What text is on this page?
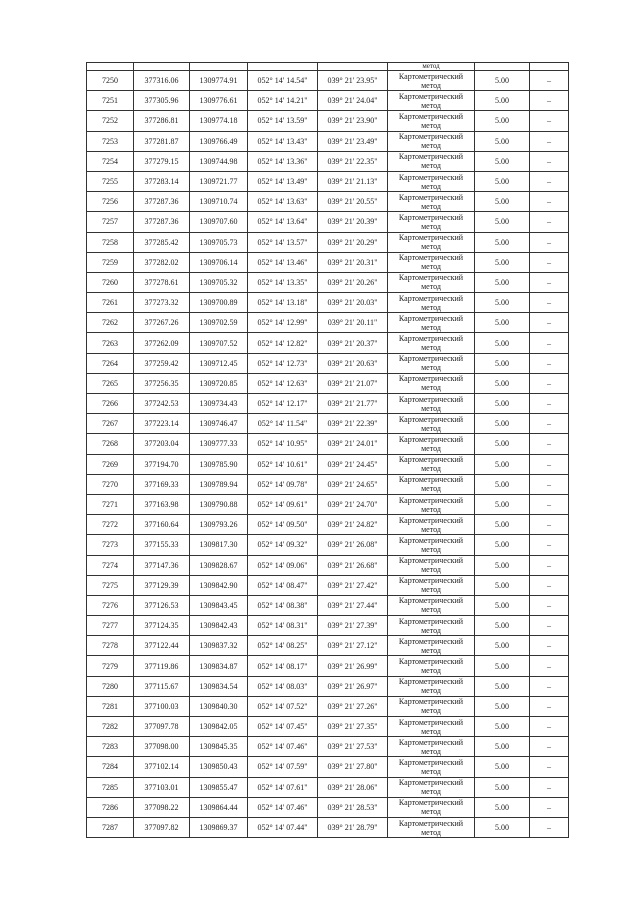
					метод		

7250	377316.06	1309774.91	052° 14' 14.54"	039° 21' 23.95"	Картометрический метод	5.00	–
7251	377305.96	1309776.61	052° 14' 14.21"	039° 21' 24.04"	Картометрический метод	5.00	–
7252	377286.81	1309774.18	052° 14' 13.59"	039° 21' 23.90"	Картометрический метод	5.00	–
7253	377281.87	1309766.49	052° 14' 13.43"	039° 21' 23.49"	Картометрический метод	5.00	–
7254	377279.15	1309744.98	052° 14' 13.36"	039° 21' 22.35"	Картометрический метод	5.00	–
7255	377283.14	1309721.77	052° 14' 13.49"	039° 21' 21.13"	Картометрический метод	5.00	–
7256	377287.36	1309710.74	052° 14' 13.63"	039° 21' 20.55"	Картометрический метод	5.00	–
7257	377287.36	1309707.60	052° 14' 13.64"	039° 21' 20.39"	Картометрический метод	5.00	–
7258	377285.42	1309705.73	052° 14' 13.57"	039° 21' 20.29"	Картометрический метод	5.00	–
7259	377282.02	1309706.14	052° 14' 13.46"	039° 21' 20.31"	Картометрический метод	5.00	–
7260	377278.61	1309705.32	052° 14' 13.35"	039° 21' 20.26"	Картометрический метод	5.00	–
7261	377273.32	1309700.89	052° 14' 13.18"	039° 21' 20.03"	Картометрический метод	5.00	–
7262	377267.26	1309702.59	052° 14' 12.99"	039° 21' 20.11"	Картометрический метод	5.00	–
7263	377262.09	1309707.52	052° 14' 12.82"	039° 21' 20.37"	Картометрический метод	5.00	–
7264	377259.42	1309712.45	052° 14' 12.73"	039° 21' 20.63"	Картометрический метод	5.00	–
7265	377256.35	1309720.85	052° 14' 12.63"	039° 21' 21.07"	Картометрический метод	5.00	–
7266	377242.53	1309734.43	052° 14' 12.17"	039° 21' 21.77"	Картометрический метод	5.00	–
7267	377223.14	1309746.47	052° 14' 11.54"	039° 21' 22.39"	Картометрический метод	5.00	–
7268	377203.04	1309777.33	052° 14' 10.95"	039° 21' 24.01"	Картометрический метод	5.00	–
7269	377194.70	1309785.90	052° 14' 10.61"	039° 21' 24.45"	Картометрический метод	5.00	–
7270	377169.33	1309789.94	052° 14' 09.78"	039° 21' 24.65"	Картометрический метод	5.00	–
7271	377163.98	1309790.88	052° 14' 09.61"	039° 21' 24.70"	Картометрический метод	5.00	–
7272	377160.64	1309793.26	052° 14' 09.50"	039° 21' 24.82"	Картометрический метод	5.00	–
7273	377155.33	1309817.30	052° 14' 09.32"	039° 21' 26.08"	Картометрический метод	5.00	–
7274	377147.36	1309828.67	052° 14' 09.06"	039° 21' 26.68"	Картометрический метод	5.00	–
7275	377129.39	1309842.90	052° 14' 08.47"	039° 21' 27.42"	Картометрический метод	5.00	–
7276	377126.53	1309843.45	052° 14' 08.38"	039° 21' 27.44"	Картометрический метод	5.00	–
7277	377124.35	1309842.43	052° 14' 08.31"	039° 21' 27.39"	Картометрический метод	5.00	–
7278	377122.44	1309837.32	052° 14' 08.25"	039° 21' 27.12"	Картометрический метод	5.00	–
7279	377119.86	1309834.87	052° 14' 08.17"	039° 21' 26.99"	Картометрический метод	5.00	–
7280	377115.67	1309834.54	052° 14' 08.03"	039° 21' 26.97"	Картометрический метод	5.00	–
7281	377100.03	1309840.30	052° 14' 07.52"	039° 21' 27.26"	Картометрический метод	5.00	–
7282	377097.78	1309842.05	052° 14' 07.45"	039° 21' 27.35"	Картометрический метод	5.00	–
7283	377098.00	1309845.35	052° 14' 07.46"	039° 21' 27.53"	Картометрический метод	5.00	–
7284	377102.14	1309850.43	052° 14' 07.59"	039° 21' 27.80"	Картометрический метод	5.00	–
7285	377103.01	1309855.47	052° 14' 07.61"	039° 21' 28.06"	Картометрический метод	5.00	–
7286	377098.22	1309864.44	052° 14' 07.46"	039° 21' 28.53"	Картометрический метод	5.00	–
7287	377097.82	1309869.37	052° 14' 07.44"	039° 21' 28.79"	Картометрический метод	5.00	–
